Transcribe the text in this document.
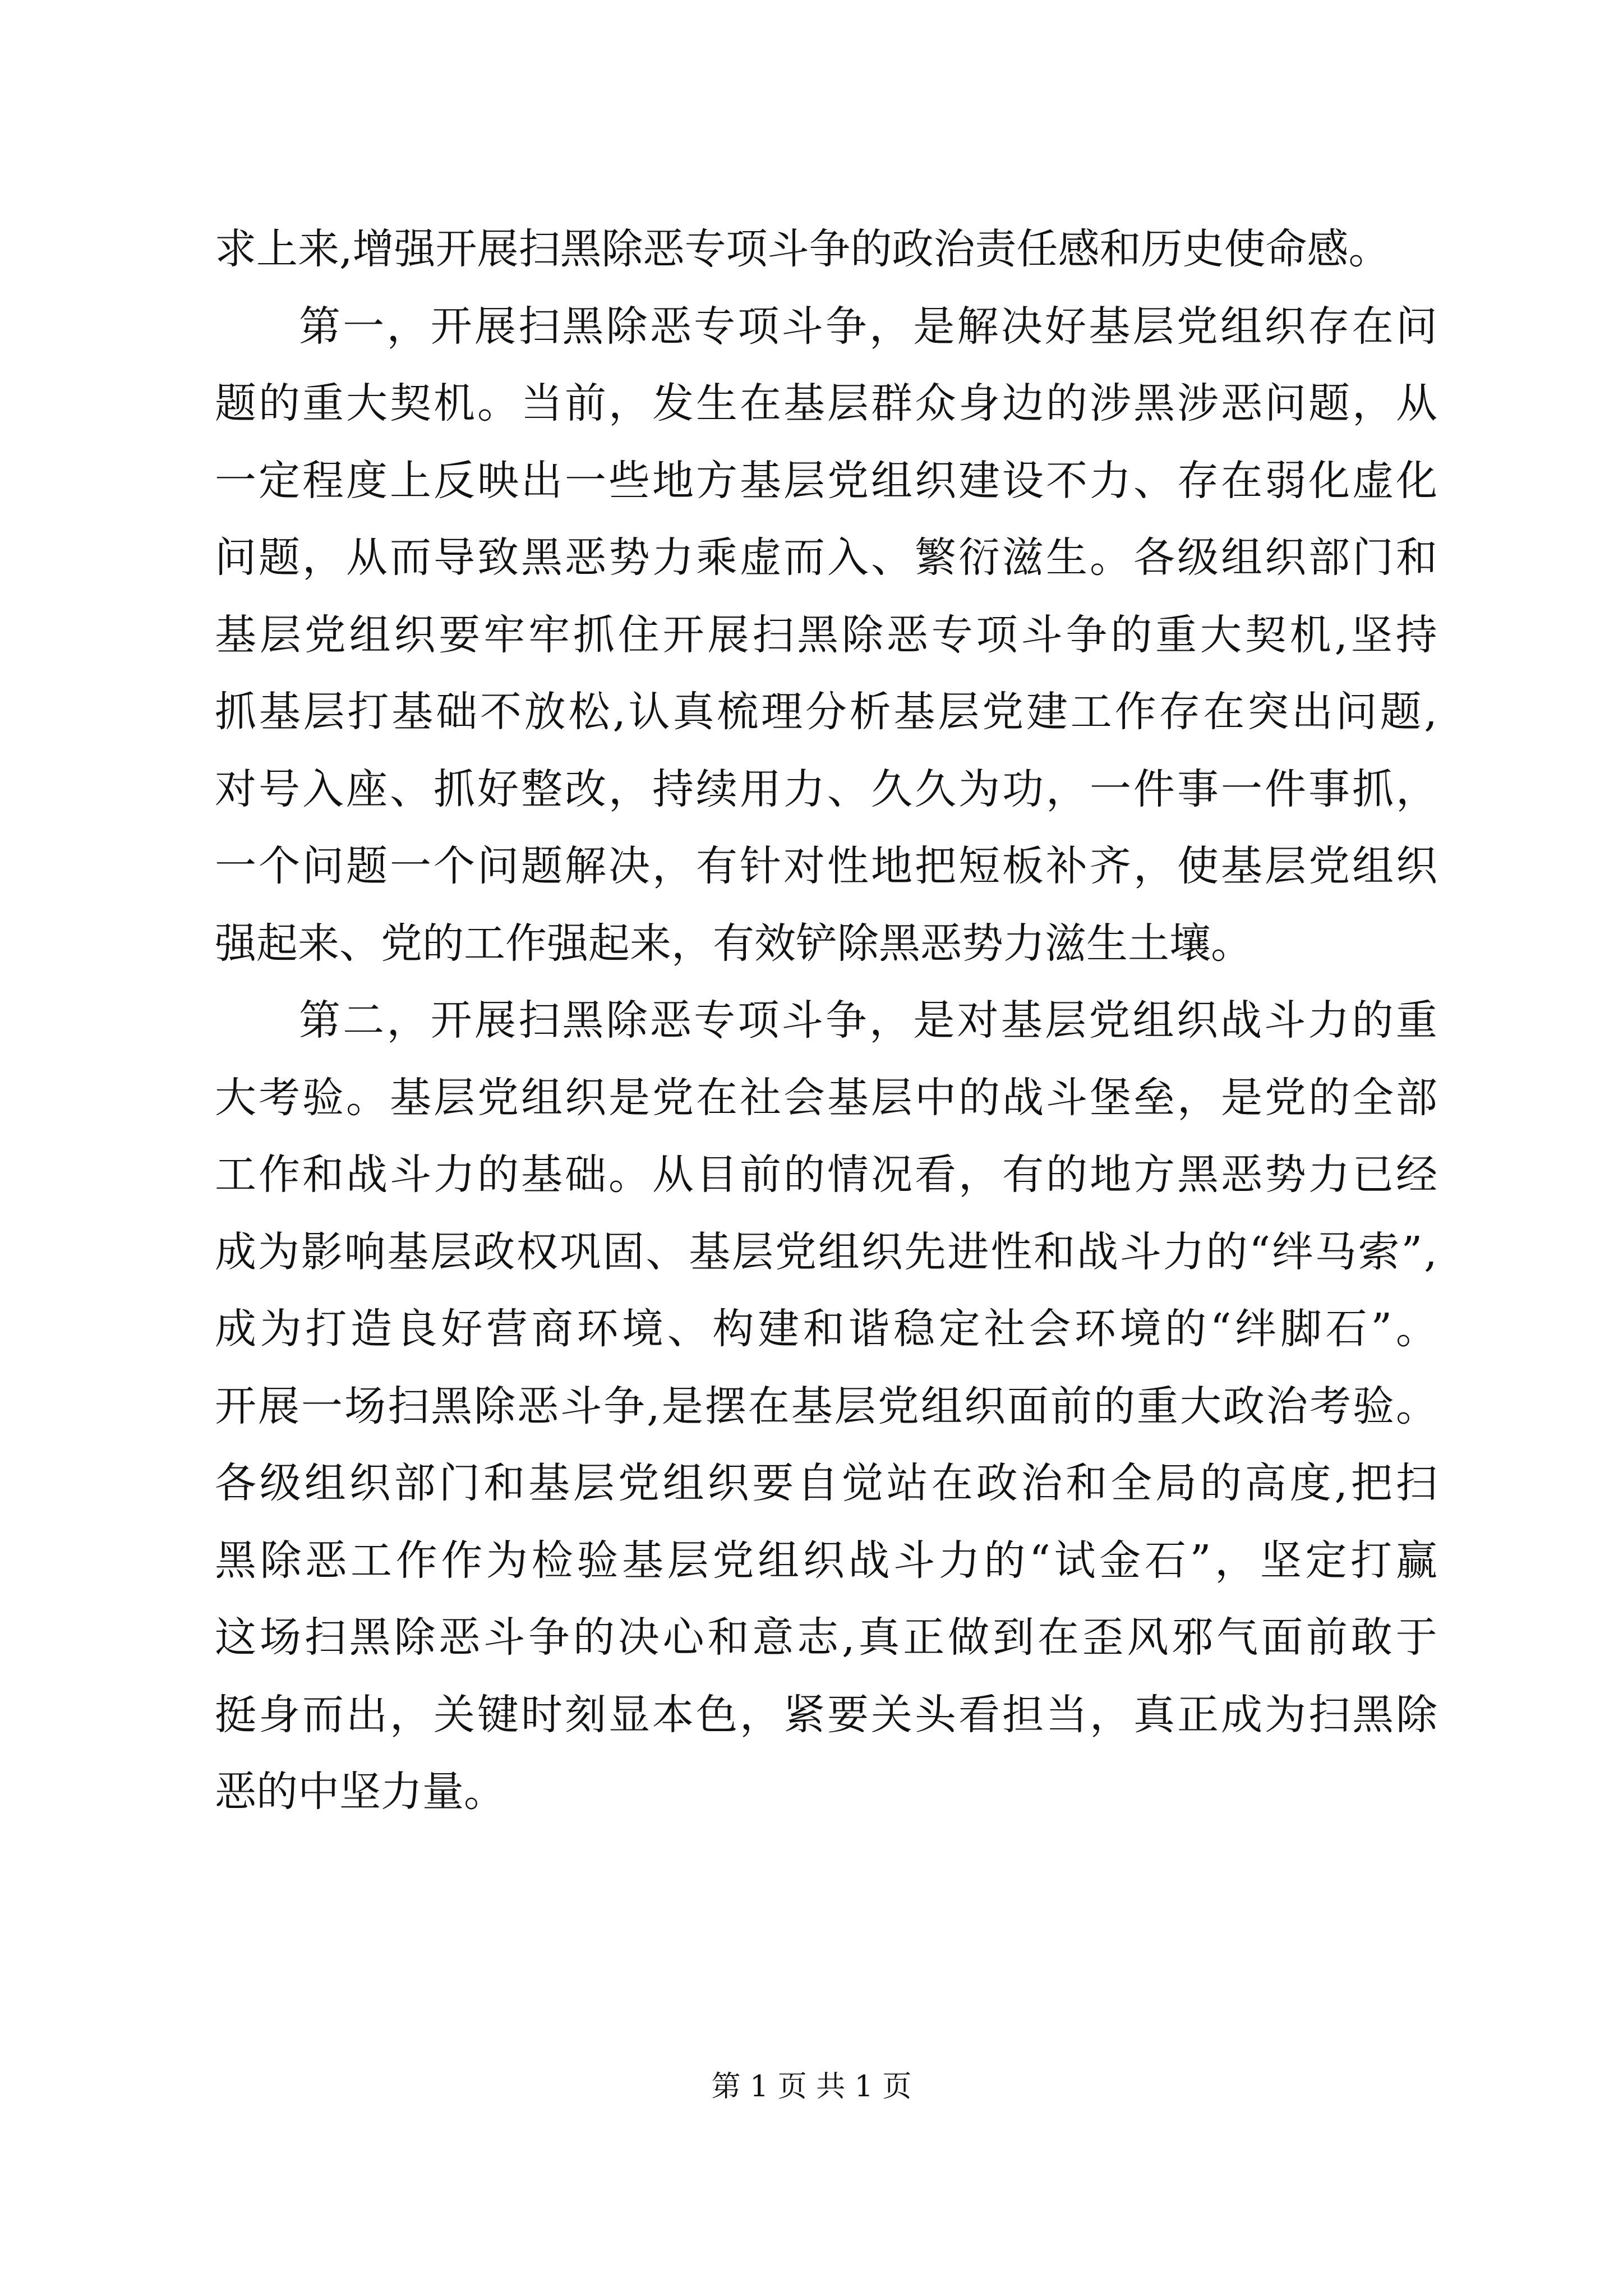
求上来,增强开展扫黑除恶专项斗争的政治责任感和历史使命感。
第 一 ， 开 展 扫 黑 除 恶 专 项 斗 争 ， 是 解 决 好 基 层 党 组 织 存 在 问
题 的 重 大 契 机 。 当 前 ， 发 生 在 基 层 群 众 身 边 的 涉 黑 涉 恶 问 题 ， 从
一 定 程 度 上 反 映 出 一 些 地 方 基 层 党 组 织 建 设 不 力 、 存 在 弱 化 虚 化
问 题 ， 从 而 导 致 黑 恶 势 力 乘 虚 而 入 、 繁 衍 滋 生 。 各 级 组 织 部 门 和
基 层 党 组 织 要 牢 牢 抓 住 开 展 扫 黑 除 恶 专 项 斗 争 的 重 大 契 机 , 坚 持
抓 基 层 打 基 础 不 放 松 , 认 真 梳 理 分 析 基 层 党 建 工 作 存 在 突 出 问 题 ,
对 号 入 座 、 抓 好 整 改 ， 持 续 用 力 、 久 久 为 功 ， 一 件 事 一 件 事 抓 ，
一 个 问 题 一 个 问 题 解 决 ， 有 针 对 性 地 把 短 板 补 齐 ， 使 基 层 党 组 织
强起来、党的工作强起来，有效铲除黑恶势力滋生土壤。
第 二 ， 开 展 扫 黑 除 恶 专 项 斗 争 ， 是 对 基 层 党 组 织 战 斗 力 的 重
大 考 验 。 基 层 党 组 织 是 党 在 社 会 基 层 中 的 战 斗 堡 垒 ， 是 党 的 全 部
工 作 和 战 斗 力 的 基 础 。 从 目 前 的 情 况 看 ， 有 的 地 方 黑 恶 势 力 已 经
成 为 影 响 基 层 政 权 巩 固 、 基 层 党 组 织 先 进 性 和 战 斗 力 的 “ 绊 马 索 ” ,
成 为 打 造 良 好 营 商 环 境 、 构 建 和 谐 稳 定 社 会 环 境 的 “ 绊 脚 石 ” 。
开 展 一 场 扫 黑 除 恶 斗 争 , 是 摆 在 基 层 党 组 织 面 前 的 重 大 政 治 考 验 。
各 级 组 织 部 门 和 基 层 党 组 织 要 自 觉 站 在 政 治 和 全 局 的 高 度 , 把 扫
黑 除 恶 工 作 作 为 检 验 基 层 党 组 织 战 斗 力 的 “ 试 金 石 ” ， 坚 定 打 赢
这 场 扫 黑 除 恶 斗 争 的 决 心 和 意 志 , 真 正 做 到 在 歪 风 邪 气 面 前 敢 于
挺 身 而 出 ， 关 键 时 刻 显 本 色 ， 紧 要 关 头 看 担 当 ， 真 正 成 为 扫 黑 除
恶的中坚力量。
第 1 页 共 1 页
